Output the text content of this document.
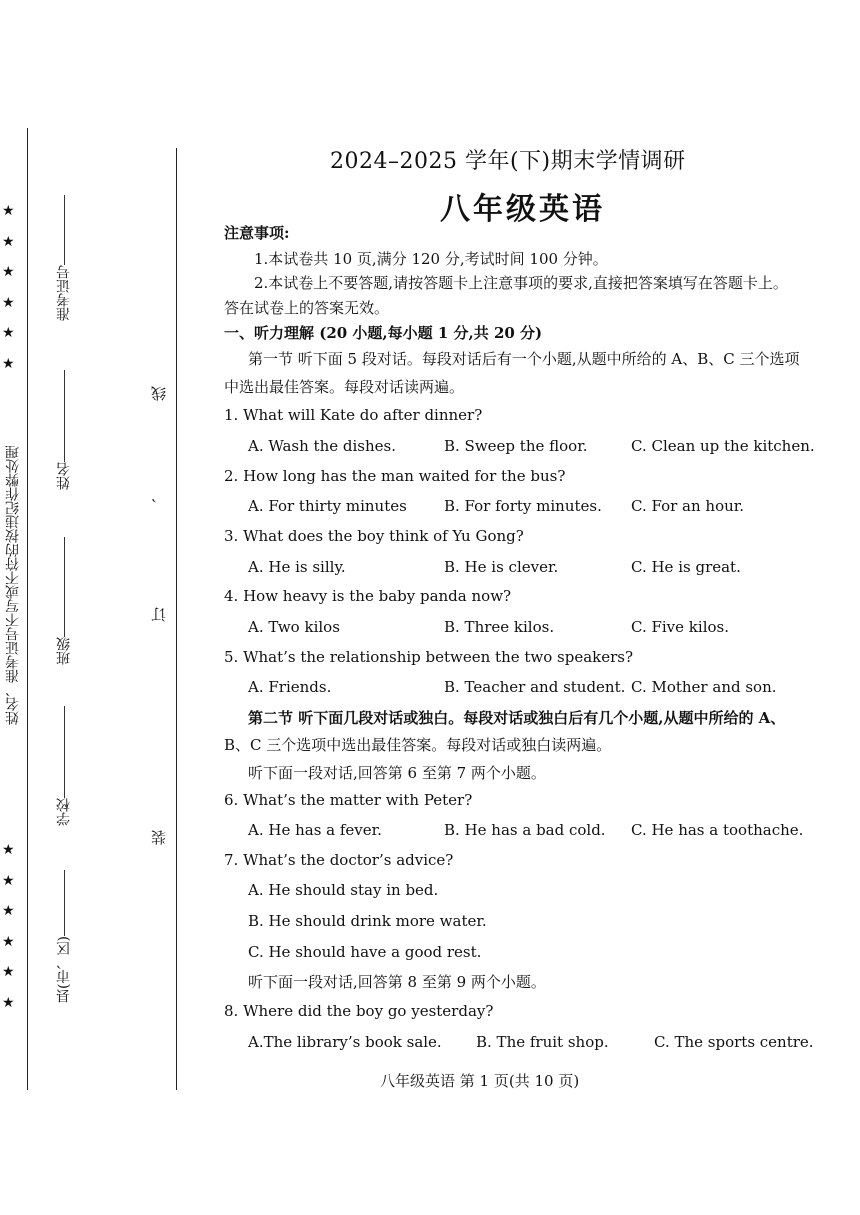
★
★
★
★
★
★
★
★
★
★
★
★
姓名、准考证号不写或不符的按违纪作弊处理
准考证号
姓名
班级
学校
县(市、区)
线
、
订
装
2024–2025 学年(下)期末学情调研
八年级英语
注意事项:
1.本试卷共 10 页,满分 120 分,考试时间 100 分钟。
2.本试卷上不要答题,请按答题卡上注意事项的要求,直接把答案填写在答题卡上。
答在试卷上的答案无效。
一、听力理解 (20 小题,每小题 1 分,共 20 分)
第一节 听下面 5 段对话。每段对话后有一个小题,从题中所给的 A、B、C 三个选项
中选出最佳答案。每段对话读两遍。
1. What will Kate do after dinner?
A. Wash the dishes.	B. Sweep the floor.	C. Clean up the kitchen.
2. How long has the man waited for the bus?
A. For thirty minutes B. For forty minutes. C. For an hour.
3. What does the boy think of Yu Gong?
A. He is silly.	B. He is clever.	C. He is great.
4. How heavy is the baby panda now?
A. Two kilos	B. Three kilos.	C. Five kilos.
5. What’s the relationship between the two speakers?
A. Friends.	B. Teacher and student. C. Mother and son.
第二节 听下面几段对话或独白。每段对话或独白后有几个小题,从题中所给的 A、
B、C 三个选项中选出最佳答案。每段对话或独白读两遍。
听下面一段对话,回答第 6 至第 7 两个小题。
6. What’s the matter with Peter?
A. He has a fever.	B. He has a bad cold. C. He has a toothache.
7. What’s the doctor’s advice?
A. He should stay in bed.
B. He should drink more water.
C. He should have a good rest.
听下面一段对话,回答第 8 至第 9 两个小题。
8. Where did the boy go yesterday?
A.The library’s book sale. B. The fruit shop.	C. The sports centre.
八年级英语 第 1 页(共 10 页)
